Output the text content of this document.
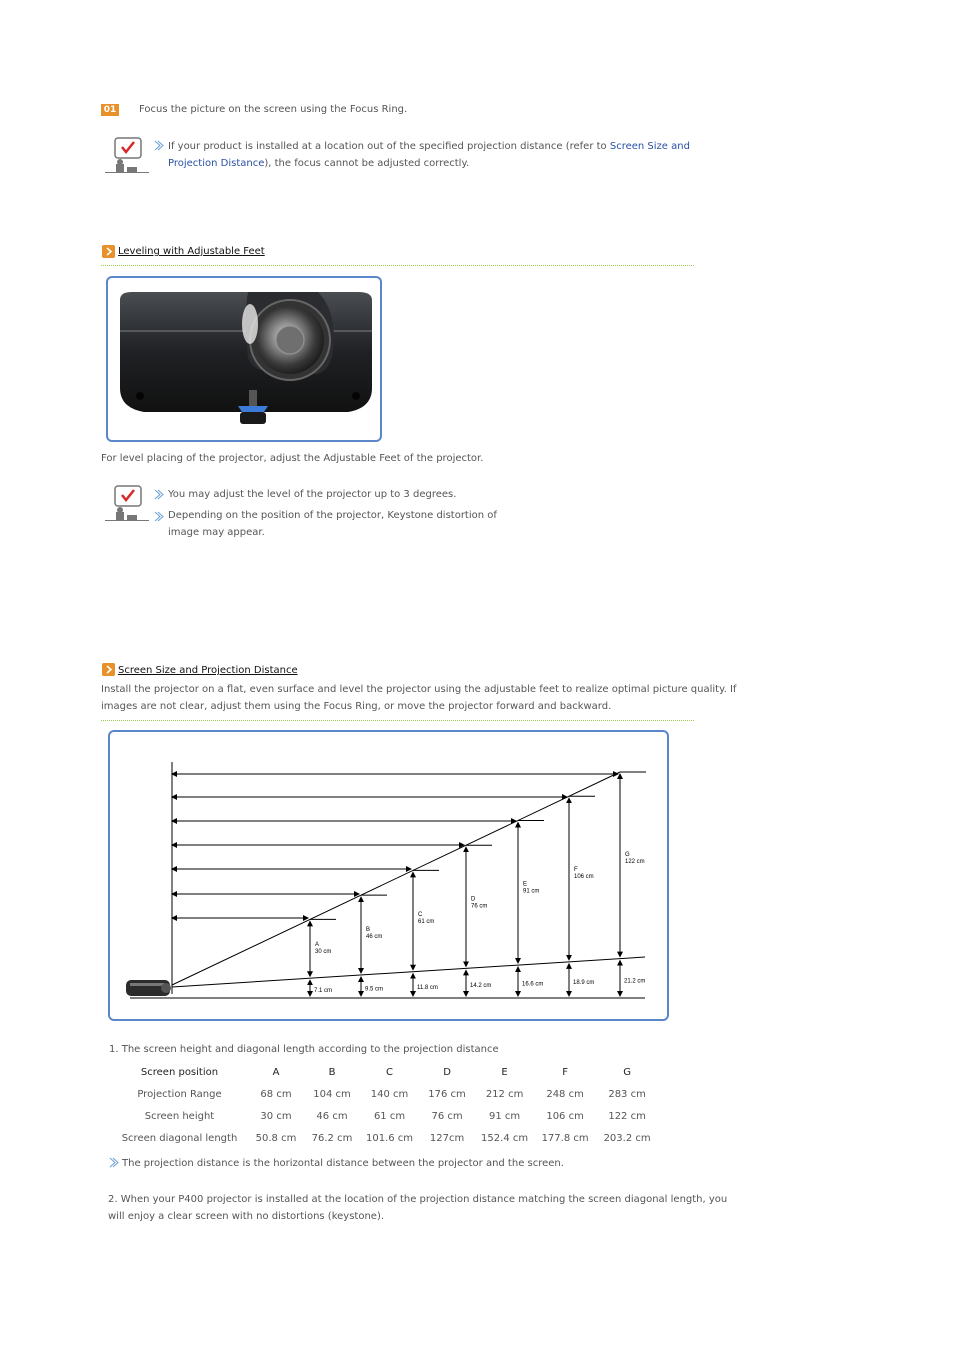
01 Focus the picture on the screen using the Focus Ring.
If your product is installed at a location out of the specified projection distance (refer to Screen Size and
Projection Distance), the focus cannot be adjusted correctly.
Leveling with Adjustable Feet
For level placing of the projector, adjust the Adjustable Feet of the projector.
You may adjust the level of the projector up to 3 degrees.
Depending on the position of the projector, Keystone distortion of
image may appear.
Screen Size and Projection Distance
Install the projector on a flat, even surface and level the projector using the adjustable feet to realize optimal picture quality. If
images are not clear, adjust them using the Focus Ring, or move the projector forward and backward.
A
30 cm
7.1 cm
B
46 cm
9.5 cm
C
61 cm
11.8 cm
D
76 cm
14.2 cm
E
91 cm
16.6 cm
F
106 cm
18.9 cm
G
122 cm
21.2 cm
1. The screen height and diagonal length according to the projection distance
Screen position	A	B	C	D	E	F	G
Projection Range	68 cm	104 cm	140 cm	176 cm	212 cm	248 cm	283 cm
Screen height	30 cm	46 cm	61 cm	76 cm	91 cm	106 cm	122 cm
Screen diagonal length	50.8 cm	76.2 cm	101.6 cm	127cm	152.4 cm	177.8 cm	203.2 cm
The projection distance is the horizontal distance between the projector and the screen.
2. When your P400 projector is installed at the location of the projection distance matching the screen diagonal length, you
will enjoy a clear screen with no distortions (keystone).
